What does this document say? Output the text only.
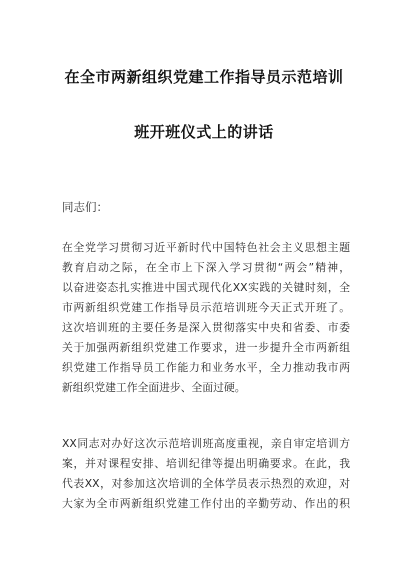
在全市两新组织党建工作指导员示范培训
班开班仪式上的讲话
同志们：
在全党学习贯彻习近平新时代中国特色社会主义思想主题
教育启动之际，在全市上下深入学习贯彻“两会”精神，
以奋进姿态扎实推进中国式现代化XX实践的关键时刻，全
市两新组织党建工作指导员示范培训班今天正式开班了。
这次培训班的主要任务是深入贯彻落实中央和省委、市委
关于加强两新组织党建工作要求，进一步提升全市两新组
织党建工作指导员工作能力和业务水平，全力推动我市两
新组织党建工作全面进步、全面过硬。
XX同志对办好这次示范培训班高度重视，亲自审定培训方
案，并对课程安排、培训纪律等提出明确要求。在此，我
代表XX，对参加这次培训的全体学员表示热烈的欢迎，对
大家为全市两新组织党建工作付出的辛勤劳动、作出的积
